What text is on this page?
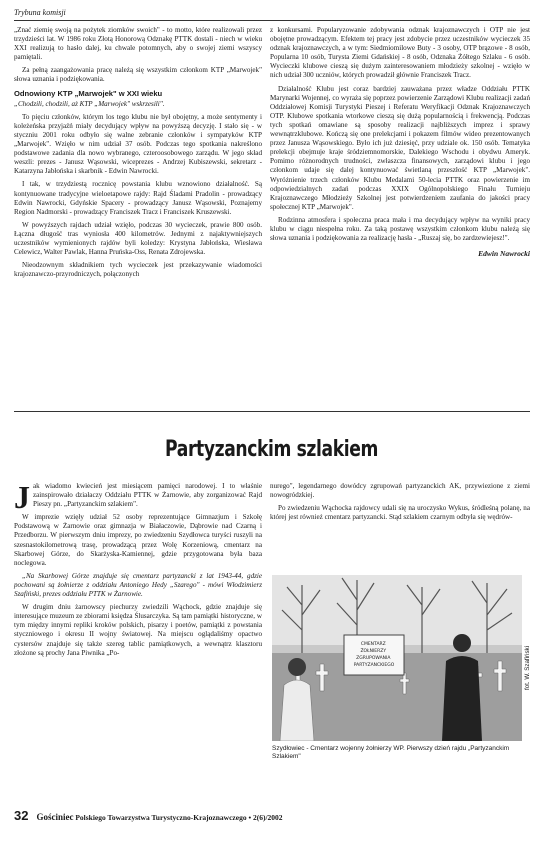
Trybuna komisji

„Znać ziemię swoją na pożytek ziomków swoich" - to motto, które realizowali przez trzydzieści lat. W 1986 roku Złotą Honorową Odznakę PTTK dostali - niech w wieku XXI realizują to hasło dalej, ku chwale potomnych, aby o swojej ziemi wszyscy pamiętali.

Za pełną zaangażowania pracę należą się wszystkim członkom KTP „Marwojek" słowa uznania i podziękowania.

Odnowiony KTP „Marwojek" w XXI wieku

„Chodzili, chodzili, aż KTP „Marwojek" wskrzesili".

To pięciu członków, którym los tego klubu nie był obojętny, a może sentymenty i koleżeńska przyjaźń miały decydujący wpływ na powyższą decyzję. I stało się - w styczniu 2001 roku odbyło się walne zebranie członków i sympatyków KTP „Marwojek". Wzięło w nim udział 37 osób. Podczas tego spotkania nakreślono podstawowe zadania dla nowo wybranego, czteroosobowego zarządu. W jego skład weszli: prezes - Janusz Wąsowski, wiceprezes - Andrzej Kubiszewski, sekretarz - Katarzyna Jabłońska i skarbnik - Edwin Nawrocki.

I tak, w trzydziestą rocznicę powstania klubu wznowiono działalność. Są kontynuowane tradycyjne wieloetapowe rajdy: Rajd Śladami Pradolin - prowadzący Edwin Nawrocki, Gdyńskie Spacery - prowadzący Janusz Wąsowski, Poznajemy Region Nadmorski - prowadzący Franciszek Tracz i Franciszek Kruszewski.

W powyższych rajdach udział wzięło, podczas 30 wycieczek, prawie 800 osób. Łączna długość tras wyniosła 400 kilometrów. Jednymi z najaktywniejszych uczestników wymienionych rajdów byli koledzy: Krystyna Jabłońska, Wiesława Celewicz, Walter Pawlak, Hanna Pruńska-Oss, Renata Zdrojewska.

Nieodzownym składnikiem tych wycieczek jest przekazywanie wiadomości krajoznawczo-przyrodniczych, połączonych

z konkursami. Popularyzowanie zdobywania odznak krajoznawczych i OTP nie jest obojętne prowadzącym. Efektem tej pracy jest zdobycie przez uczestników wycieczek 35 odznak krajoznawczych, a w tym: Siedmiomilowe Buty - 3 osoby, OTP brązowe - 8 osób, Popularna 10 osób, Turysta Ziemi Gdańskiej - 8 osób, Odznaka Żółtego Szlaku - 6 osób. Wycieczki klubowe cieszą się dużym zainteresowaniem młodzieży szkolnej - wzięło w nich udział 300 uczniów, których prowadził głównie Franciszek Tracz.

Działalność Klubu jest coraz bardziej zauważana przez władze Oddziału PTTK Marynarki Wojennej, co wyraża się poprzez powierzenie Zarządowi Klubu realizacji zadań Oddziałowej Komisji Turystyki Pieszej i Referatu Weryfikacji Odznak Krajoznawczych OTP. Klubowe spotkania wtorkowe cieszą się dużą popularnością i frekwencją. Podczas tych spotkań omawiane są sposoby realizacji najbliższych imprez i sprawy wewnątrzklubowe. Kończą się one prelekcjami i pokazem filmów wideo prezentowanych przez Janusza Wąsowskiego. Było ich już dziesięć, przy udziale ok. 150 osób. Tematyka prelekcji obejmuje kraje śródziemnomorskie, Dalekiego Wschodu i obydwu Ameryk. Pomimo różnorodnych trudności, zwłaszcza finansowych, zarządowi klubu i jego członkom udaje się dalej kontynuować świetlaną przeszłość KTP „Marwojek". Wyróżnienie trzech członków Klubu Medalami 50-lecia PTTK oraz powierzenie im odpowiedzialnych zadań podczas XXIX Ogólnopolskiego Finału Turnieju Krajoznawczego Młodzieży Szkolnej jest potwierdzeniem zaufania do jakości pracy społecznej KTP „Marwojek".

Rodzinna atmosfera i społeczna praca mała i ma decydujący wpływ na wyniki pracy klubu w ciągu niespełna roku. Za taką postawę wszystkim członkom klubu należą się słowa uznania i podziękowania za realizację hasła - „Ruszaj się, bo zardzewiejesz!".

Edwin Nawrocki
Partyzanckim szlakiem

Jak wiadomo kwiecień jest miesiącem pamięci narodowej. I to właśnie zainspirowało działaczy Oddziału PTTK w Żarnowie, aby zorganizować Rajd Pieszy pn. „Partyzanckim szlakiem".

W imprezie wzięły udział 52 osoby reprezentujące Gimnazjum i Szkołę Podstawową w Żarnowie oraz gimnazja w Białaczowie, Dąbrowie nad Czarną i Przedborzu. W pierwszym dniu imprezy, po zwiedzeniu Szydłowca turyści ruszyli na szesnastokilometrową trasę, prowadzącą przez Wolę Korzeniową, cmentarz na Skarbowej Górze, do Skarżyska-Kamiennej, gdzie przygotowana była baza noclegowa.

„Na Skarbowej Górze znajduje się cmentarz partyzancki z lat 1943-44, gdzie pochowani są żołnierze z oddziału Antoniego Hedy „Szarego" - mówi Włodzimierz Szafiński, prezes oddziału PTTK w Żarnowie.

W drugim dniu żarnowscy piechurzy zwiedzili Wąchock, gdzie znajduje się interesujące muzeum ze zbiorami księdza Ślusarczyka. Są tam pamiątki historyczne, w tym między innymi repliki kroków polskich, pisarzy i poetów, pamiątki z powstania styczniowego i okresu II wojny światowej. Na miejscu oglądaliśmy opactwo cystersów znajduje się także szereg tablic pamiątkowych, a wewnątrz klasztoru złożone są prochy Jana Piwnika „Po-

nurego", legendarnego dowódcy zgrupowań partyzanckich AK, przywiezione z ziemi nowogródzkiej.

Po zwiedzeniu Wąchocka rajdowcy udali się na uroczysko Wykus, śródleśną polanę, na której jest również cmentarz partyzancki. Stąd szlakiem czarnym odbyła się wędrów-

CMENTARZ ŻOŁNIERZY ZGRUPOWANIA PARTYZANCKIEGO	fot. W. Szafiński
Szydłowiec - Cmentarz wojenny żołnierzy WP. Pierwszy dzień rajdu „Partyzanckim Szlakiem"
32 Gościniec Polskiego Towarzystwa Turystyczno-Krajoznawczego • 2(6)/2002
